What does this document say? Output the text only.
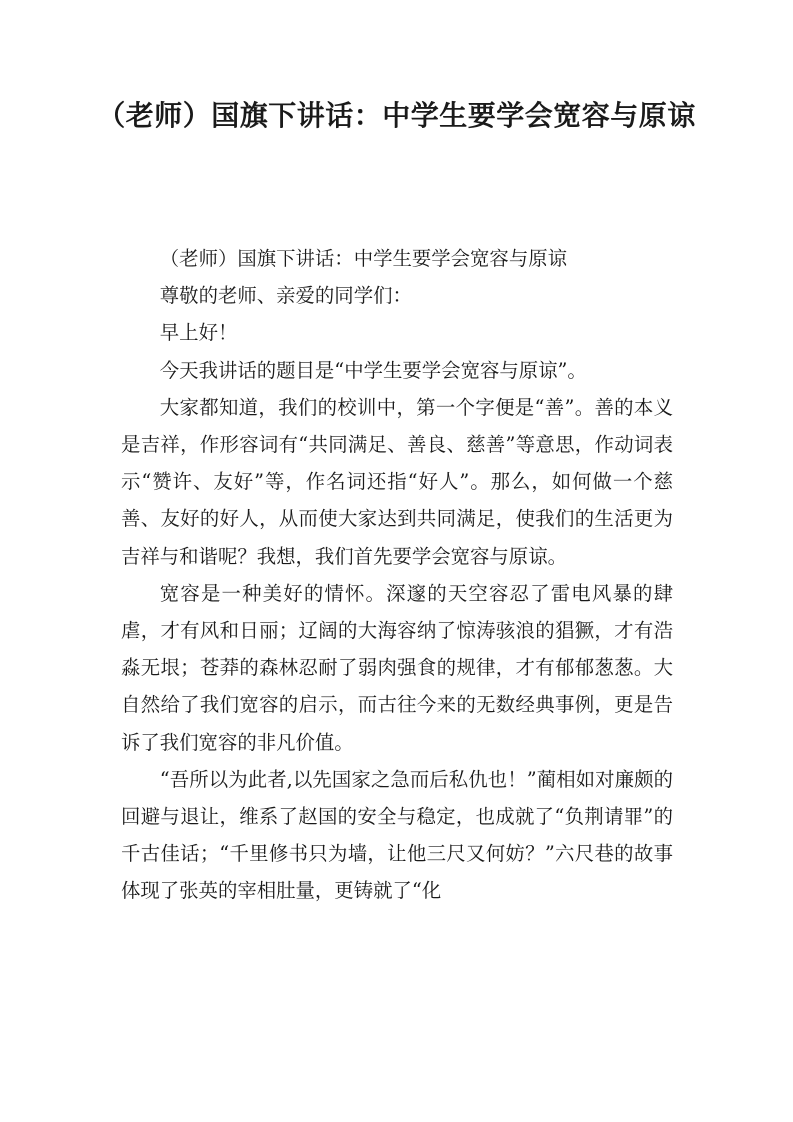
（老师）国旗下讲话：中学生要学会宽容与原谅

（老师）国旗下讲话：中学生要学会宽容与原谅

尊敬的老师、亲爱的同学们：

早上好！

今天我讲话的题目是“中学生要学会宽容与原谅”。

大家都知道，我们的校训中，第一个字便是“善”。善的本义是吉祥，作形容词有“共同满足、善良、慈善”等意思，作动词表示“赞许、友好”等，作名词还指“好人”。那么，如何做一个慈善、友好的好人，从而使大家达到共同满足，使我们的生活更为吉祥与和谐呢？我想，我们首先要学会宽容与原谅。

宽容是一种美好的情怀。深邃的天空容忍了雷电风暴的肆虐，才有风和日丽；辽阔的大海容纳了惊涛骇浪的猖獗，才有浩淼无垠；苍莽的森林忍耐了弱肉强食的规律，才有郁郁葱葱。大自然给了我们宽容的启示，而古往今来的无数经典事例，更是告诉了我们宽容的非凡价值。

“吾所以为此者,以先国家之急而后私仇也！”蔺相如对廉颇的回避与退让，维系了赵国的安全与稳定，也成就了“负荆请罪”的千古佳话；“千里修书只为墙，让他三尺又何妨？”六尺巷的故事体现了张英的宰相肚量，更铸就了“化
